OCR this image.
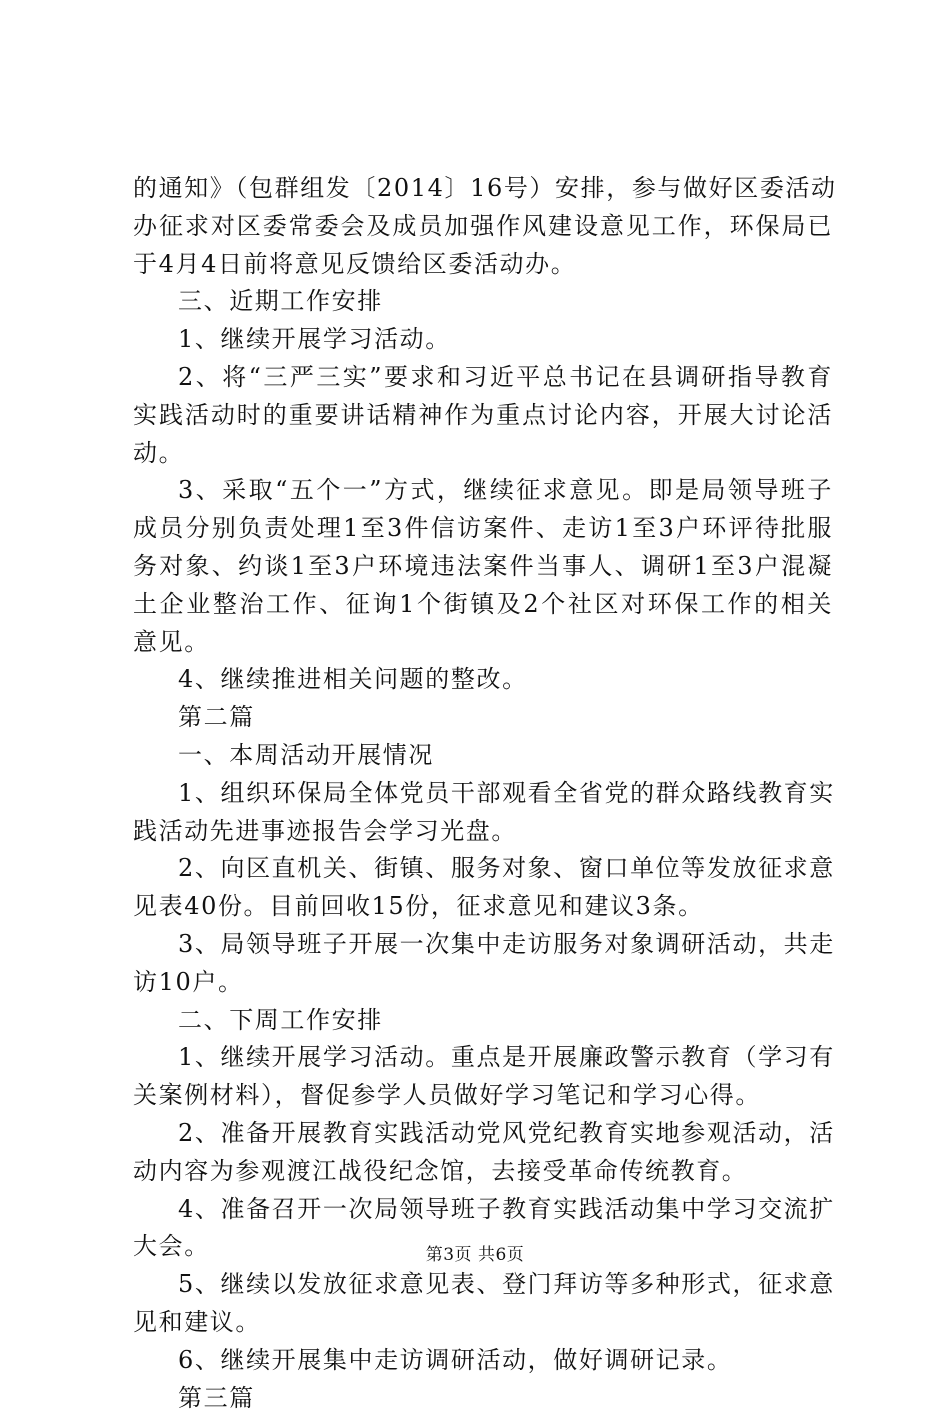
的通知》（包群组发〔2014〕16号）安排，参与做好区委活动
办征求对区委常委会及成员加强作风建设意见工作，环保局已
于4月4日前将意见反馈给区委活动办。
三、近期工作安排
1、继续开展学习活动。
2、将“三严三实”要求和习近平总书记在县调研指导教育
实践活动时的重要讲话精神作为重点讨论内容，开展大讨论活
动。
3、采取“五个一”方式，继续征求意见。即是局领导班子
成员分别负责处理1至3件信访案件、走访1至3户环评待批服
务对象、约谈1至3户环境违法案件当事人、调研1至3户混凝
土企业整治工作、征询1个街镇及2个社区对环保工作的相关
意见。
4、继续推进相关问题的整改。
第二篇
一、本周活动开展情况
1、组织环保局全体党员干部观看全省党的群众路线教育实
践活动先进事迹报告会学习光盘。
2、向区直机关、街镇、服务对象、窗口单位等发放征求意
见表40份。目前回收15份，征求意见和建议3条。
3、局领导班子开展一次集中走访服务对象调研活动，共走
访10户。
二、下周工作安排
1、继续开展学习活动。重点是开展廉政警示教育（学习有
关案例材料），督促参学人员做好学习笔记和学习心得。
2、准备开展教育实践活动党风党纪教育实地参观活动，活
动内容为参观渡江战役纪念馆，去接受革命传统教育。
4、准备召开一次局领导班子教育实践活动集中学习交流扩
大会。
5、继续以发放征求意见表、登门拜访等多种形式，征求意
见和建议。
6、继续开展集中走访调研活动，做好调研记录。
第三篇
第3页 共6页
